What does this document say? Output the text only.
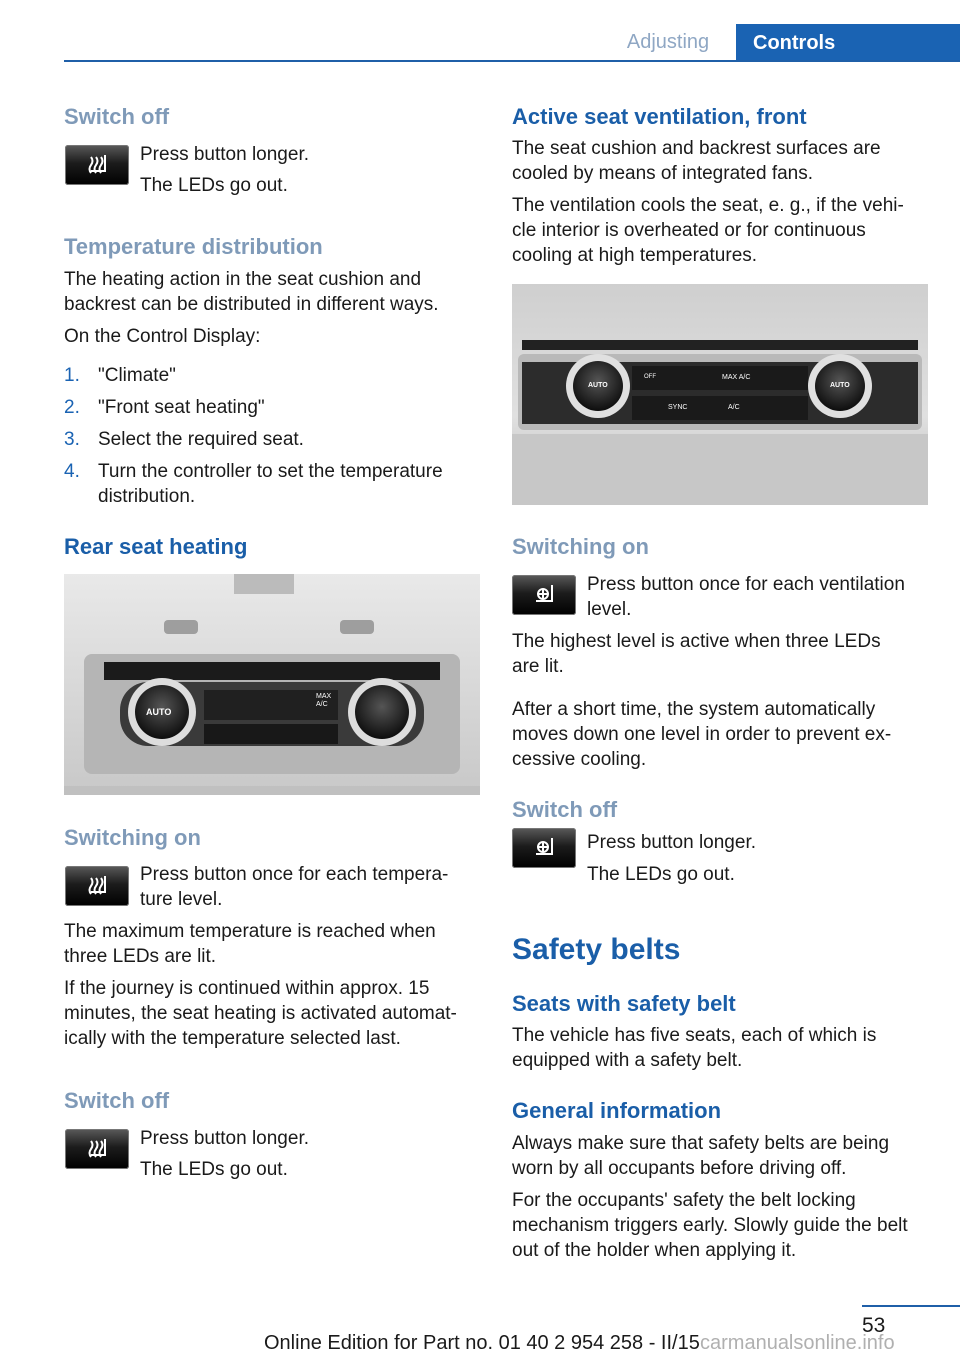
Adjusting	Controls
Switch off
Press button longer.
The LEDs go out.
Temperature distribution
The heating action in the seat cushion and backrest can be distributed in different ways.
On the Control Display:
1. "Climate"
2. "Front seat heating"
3. Select the required seat.
4. Turn the controller to set the temperature distribution.
Rear seat heating
AUTO
MAX
A/C
Switching on
Press button once for each tempera‐ture level.
The maximum temperature is reached when three LEDs are lit.
If the journey is continued within approx. 15 minutes, the seat heating is activated automat‐ically with the temperature selected last.
Switch off
Press button longer.
The LEDs go out.
Active seat ventilation, front
The seat cushion and backrest surfaces are cooled by means of integrated fans.
The ventilation cools the seat, e. g., if the vehi‐cle interior is overheated or for continuous cooling at high temperatures.
AUTO	AUTO
MAX A/C
SYNC	A/C
OFF
Switching on
Press button once for each ventilation level.
The highest level is active when three LEDs are lit.
After a short time, the system automatically moves down one level in order to prevent ex‐cessive cooling.
Switch off
Press button longer.
The LEDs go out.
Safety belts
Seats with safety belt
The vehicle has five seats, each of which is equipped with a safety belt.
General information
Always make sure that safety belts are being worn by all occupants before driving off.
For the occupants' safety the belt locking mechanism triggers early. Slowly guide the belt out of the holder when applying it.
53
Online Edition for Part no. 01 40 2 954 258 - II/15 carmanualsonline.info
